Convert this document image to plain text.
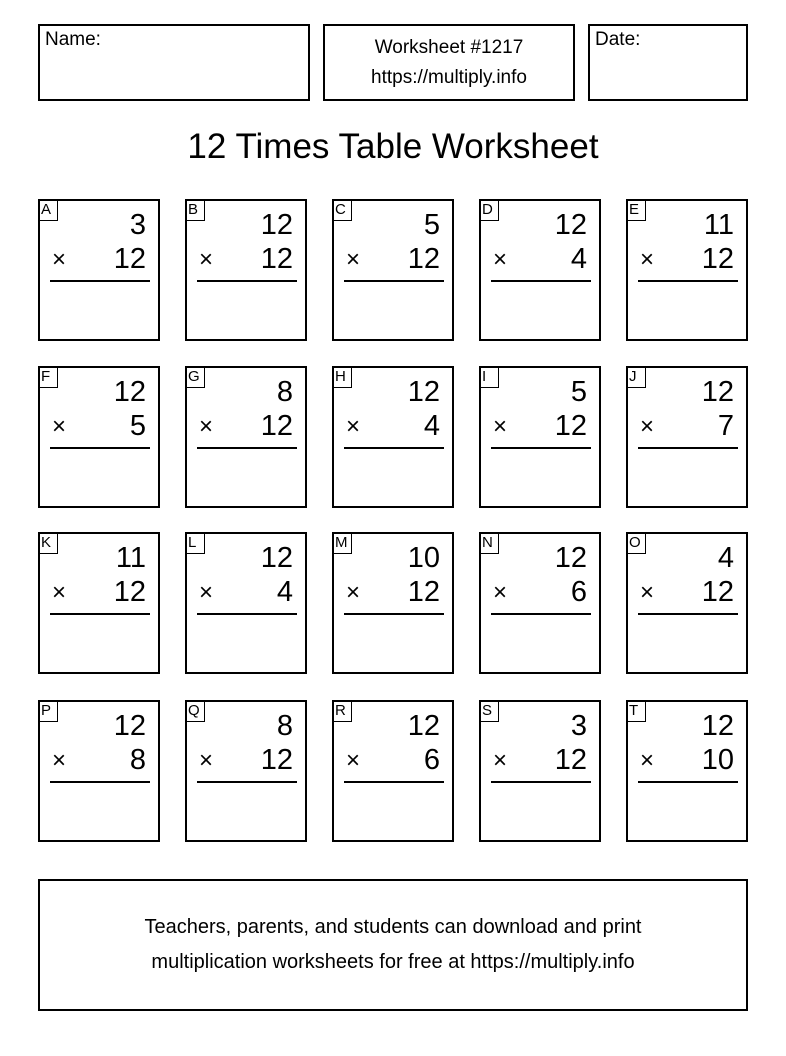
Name:	Worksheet #1217
https://multiply.info
Date:
12 Times Table Worksheet
A	3
× 12
B 12
× 12
C	5
× 12
D 12
× 4
E 11
× 12
F 12
× 5
G	8
× 12
H 12
× 4
I	5
× 12
J	12
× 7
K 11
× 12
L 12
× 4
M 10
× 12
N 12
× 6
O	4
× 12
P 12
× 8
Q	8
× 12
R 12
× 6
S	3
× 12
T 12
× 10
Teachers, parents, and students can download and print
multiplication worksheets for free at https://multiply.info
